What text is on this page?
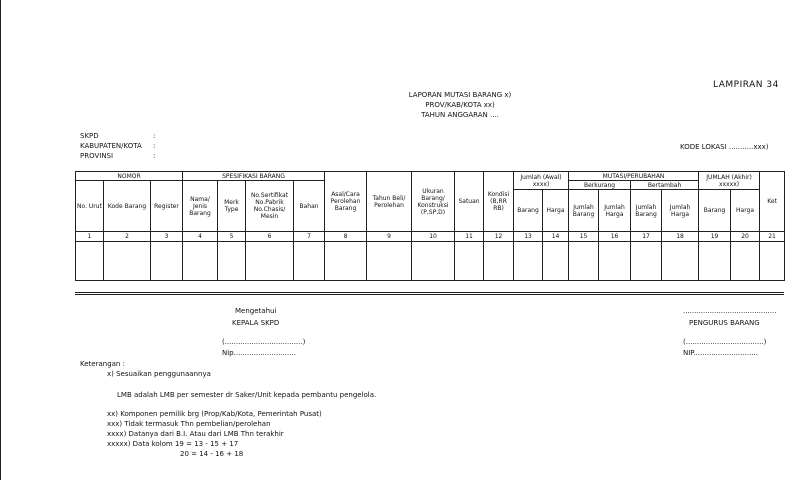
LAMPIRAN 34
LAPORAN MUTASI BARANG x)
PROV/KAB/KOTA xx)
TAHUN ANGGARAN ....
SKPD	:
KABUPATEN/KOTA :
PROVINSI	:
KODE LOKASI ...........xxx)
NOMOR			SPESIFIKASI BARANG				Asal/Cara Perolehan Barang	Tahun Beli/ Perolehan	Ukuran Barang/ Konstruksi (P,SP,D)	Satuan	Kondisi (B,RR RB)	Jumlah (Awal) xxxx)		MUTASI/PERUBAHAN				JUMLAH (Akhir) xxxxx)		Ket
No. Urut	Kode Barang	Register	Nama/ Jenis Barang	Merk Type	No.Sertifikat No.Pabrik No.Chasis/ Mesin	Bahan								Berkurang		Bertambah				
												Barang	Harga	Jumlah Barang	Jumlah Harga	Jumlah Barang	Jumlah Harga	Barang	Harga	
1	2	3	4	5	6	7	8	9	10	11	12	13	14	15	16	17	18	19	20	21

Mengetahui
KEPALA SKPD
(...................................)
Nip............................
..........................................
PENGURUS BARANG
(...................................)
NIP.............................
Keterangan :
x) Sesuaikan penggunaannya
LMB adalah LMB per semester dr Saker/Unit kepada pembantu pengelola.
xx) Komponen pemilik brg (Prop/Kab/Kota, Pemerintah Pusat)
xxx) Tidak termasuk Thn pembelian/perolehan
xxxx) Datanya dari B.I. Atau dari LMB Thn terakhir
xxxxx) Data kolom 19 = 13 - 15 + 17
20 = 14 - 16 + 18
